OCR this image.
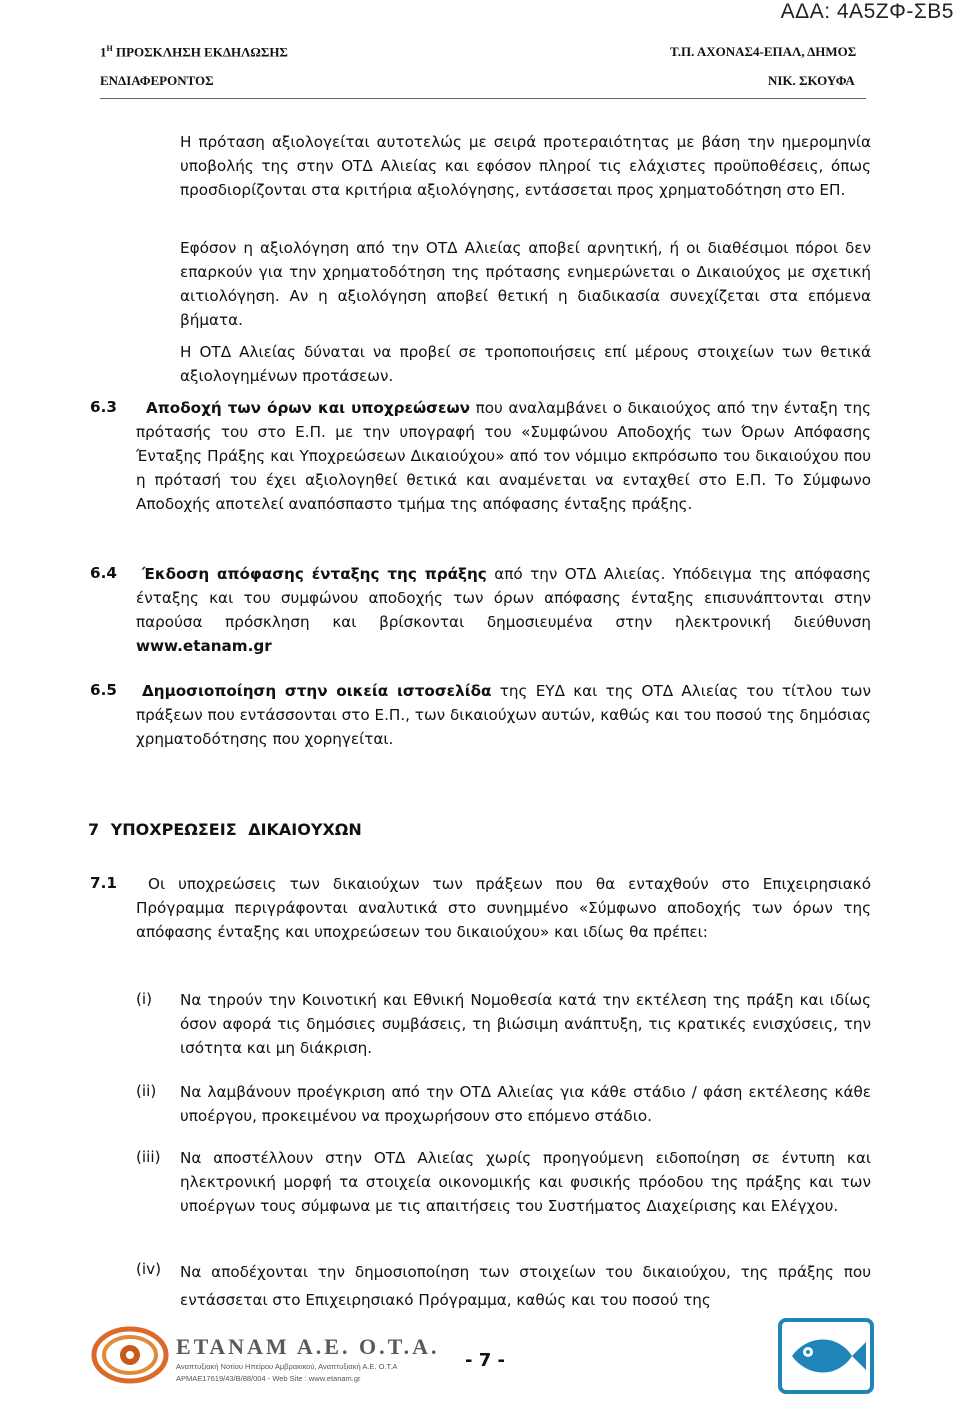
ΑΔΑ: 4Α5ΖΦ-ΣΒ5
$1^H$ ΠΡΟΣΚΛΗΣΗ ΕΚΔΗΛΩΣΗΣ
ΕΝΔΙΑΦΕΡΟΝΤΟΣ
Τ.Π. ΑΧΟΝΑΣ4-ΕΠΑΛ, ΔΗΜΟΣ
ΝΙΚ. ΣΚΟΥΦΑ
Η πρόταση αξιολογείται αυτοτελώς με σειρά προτεραιότητας με βάση την ημερομηνία υποβολής της στην ΟΤΔ Αλιείας και εφόσον πληροί τις ελάχιστες προϋποθέσεις, όπως προσδιορίζονται στα κριτήρια αξιολόγησης, εντάσσεται προς χρηματοδότηση στο ΕΠ.
Εφόσον η αξιολόγηση από την ΟΤΔ Αλιείας αποβεί αρνητική, ή οι διαθέσιμοι πόροι δεν επαρκούν για την χρηματοδότηση της πρότασης ενημερώνεται ο Δικαιούχος με σχετική αιτιολόγηση. Αν η αξιολόγηση αποβεί θετική η διαδικασία συνεχίζεται στα επόμενα βήματα.
Η ΟΤΔ Αλιείας δύναται να προβεί σε τροποποιήσεις επί μέρους στοιχείων των θετικά αξιολογημένων προτάσεων.
6.3	Αποδοχή των όρων και υποχρεώσεων που αναλαμβάνει ο δικαιούχος από την ένταξη της πρότασής του στο Ε.Π. με την υπογραφή του «Συμφώνου Αποδοχής των Όρων Απόφασης Ένταξης Πράξης και Υποχρεώσεων Δικαιούχου» από τον νόμιμο εκπρόσωπο του δικαιούχου που η πρότασή του έχει αξιολογηθεί θετικά και αναμένεται να ενταχθεί στο Ε.Π. Το Σύμφωνο Αποδοχής αποτελεί αναπόσπαστο τμήμα της απόφασης ένταξης πράξης.
6.4	Έκδοση απόφασης ένταξης της πράξης από την ΟΤΔ Αλιείας. Υπόδειγμα της απόφασης ένταξης και του συμφώνου αποδοχής των όρων απόφασης ένταξης επισυνάπτονται στην παρούσα πρόσκληση και βρίσκονται δημοσιευμένα στην ηλεκτρονική διεύθυνση www.etanam.gr
6.5	Δημοσιοποίηση στην οικεία ιστοσελίδα της ΕΥΔ και της ΟΤΔ Αλιείας του τίτλου των πράξεων που εντάσσονται στο Ε.Π., των δικαιούχων αυτών, καθώς και του ποσού της δημόσιας χρηματοδότησης που χορηγείται.
7 ΥΠΟΧΡΕΩΣΕΙΣ ΔΙΚΑΙΟΥΧΩΝ
7.1	Οι υποχρεώσεις των δικαιούχων των πράξεων που θα ενταχθούν στο Επιχειρησιακό Πρόγραμμα περιγράφονται αναλυτικά στο συνημμένο «Σύμφωνο αποδοχής των όρων της απόφασης ένταξης και υποχρεώσεων του δικαιούχου» και ιδίως θα πρέπει:
(i) Να τηρούν την Κοινοτική και Εθνική Νομοθεσία κατά την εκτέλεση της πράξη και ιδίως όσον αφορά τις δημόσιες συμβάσεις, τη βιώσιμη ανάπτυξη, τις κρατικές ενισχύσεις, την ισότητα και μη διάκριση.
(ii) Να λαμβάνουν προέγκριση από την ΟΤΔ Αλιείας για κάθε στάδιο / φάση εκτέλεσης κάθε υποέργου, προκειμένου να προχωρήσουν στο επόμενο στάδιο.
(iii) Να αποστέλλουν στην ΟΤΔ Αλιείας χωρίς προηγούμενη ειδοποίηση σε έντυπη και ηλεκτρονική μορφή τα στοιχεία οικονομικής και φυσικής πρόοδου της πράξης και των υποέργων τους σύμφωνα με τις απαιτήσεις του Συστήματος Διαχείρισης και Ελέγχου.
(iv) Να αποδέχονται την δημοσιοποίηση των στοιχείων του δικαιούχου, της πράξης που εντάσσεται στο Επιχειρησιακό Πρόγραμμα, καθώς και του ποσού της
ΕΤΑΝΑΜ Α.Ε. Ο.Τ.Α.
Αναπτυξιακή Νοτίου Ηπείρου Αμβρακικού, Αναπτυξιακή Α.Ε. Ο.Τ.Α
ΑΡΜΑΕ17619/43/Β/88/004 - Web Site : www.etanam.gr
- 7 -
